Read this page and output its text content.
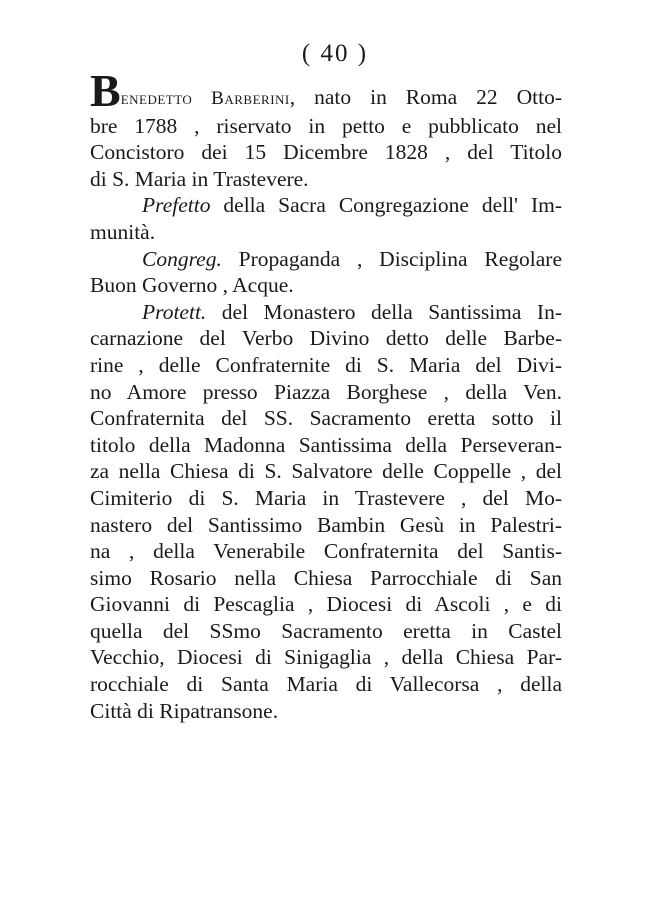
( 40 )
Benedetto Barberini, nato in Roma 22 Otto-
bre 1788 , riservato in petto e pubblicato nel
Concistoro dei 15 Dicembre 1828 , del Titolo
di S. Maria in Trastevere.
Prefetto della Sacra Congregazione dell' Im-
munità.
Congreg. Propaganda , Disciplina Regolare
Buon Governo , Acque.
Protett. del Monastero della Santissima In-
carnazione del Verbo Divino detto delle Barbe-
rine , delle Confraternite di S. Maria del Divi-
no Amore presso Piazza Borghese , della Ven.
Confraternita del SS. Sacramento eretta sotto il
titolo della Madonna Santissima della Perseveran-
za nella Chiesa di S. Salvatore delle Coppelle , del
Cimiterio di S. Maria in Trastevere , del Mo-
nastero del Santissimo Bambin Gesù in Palestri-
na , della Venerabile Confraternita del Santis-
simo Rosario nella Chiesa Parrocchiale di San
Giovanni di Pescaglia , Diocesi di Ascoli , e di
quella del SSmo Sacramento eretta in Castel
Vecchio, Diocesi di Sinigaglia , della Chiesa Par-
rocchiale di Santa Maria di Vallecorsa , della
Città di Ripatransone.
